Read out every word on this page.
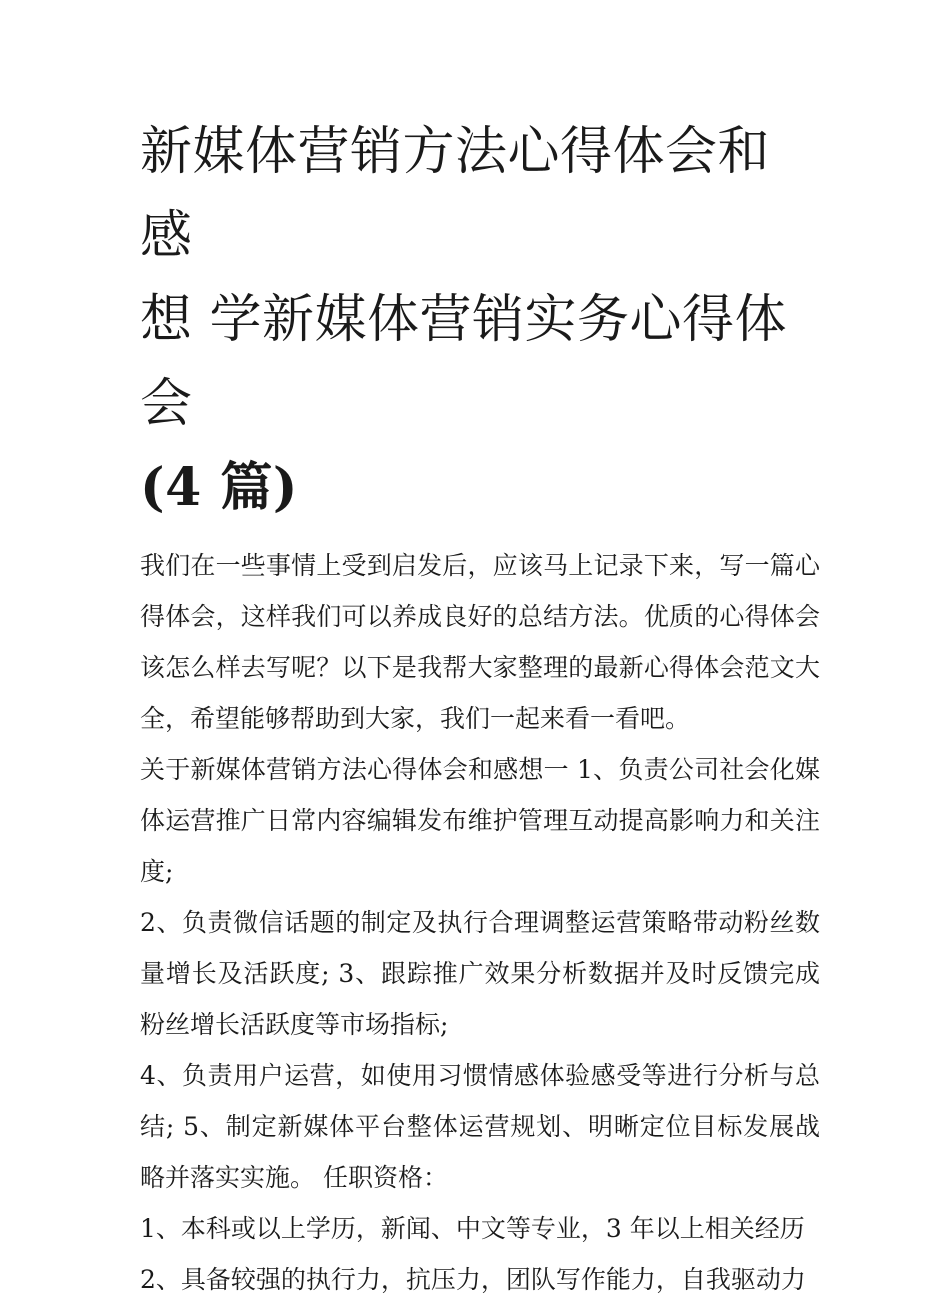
新媒体营销方法心得体会和感
想 学新媒体营销实务心得体会
(4 篇)

我们在一些事情上受到启发后，应该马上记录下来，写一篇心得体会，这样我们可以养成良好的总结方法。优质的心得体会该怎么样去写呢？以下是我帮大家整理的最新心得体会范文大全，希望能够帮助到大家，我们一起来看一看吧。

关于新媒体营销方法心得体会和感想一 1、负责公司社会化媒体运营推广日常内容编辑发布维护管理互动提高影响力和关注度;

2、负责微信话题的制定及执行合理调整运营策略带动粉丝数量增长及活跃度; 3、跟踪推广效果分析数据并及时反馈完成粉丝增长活跃度等市场指标;

4、负责用户运营，如使用习惯情感体验感受等进行分析与总结; 5、制定新媒体平台整体运营规划、明晰定位目标发展战略并落实实施。 任职资格：

1、本科或以上学历，新闻、中文等专业，3 年以上相关经历

2、具备较强的执行力，抗压力，团队写作能力，自我驱动力
